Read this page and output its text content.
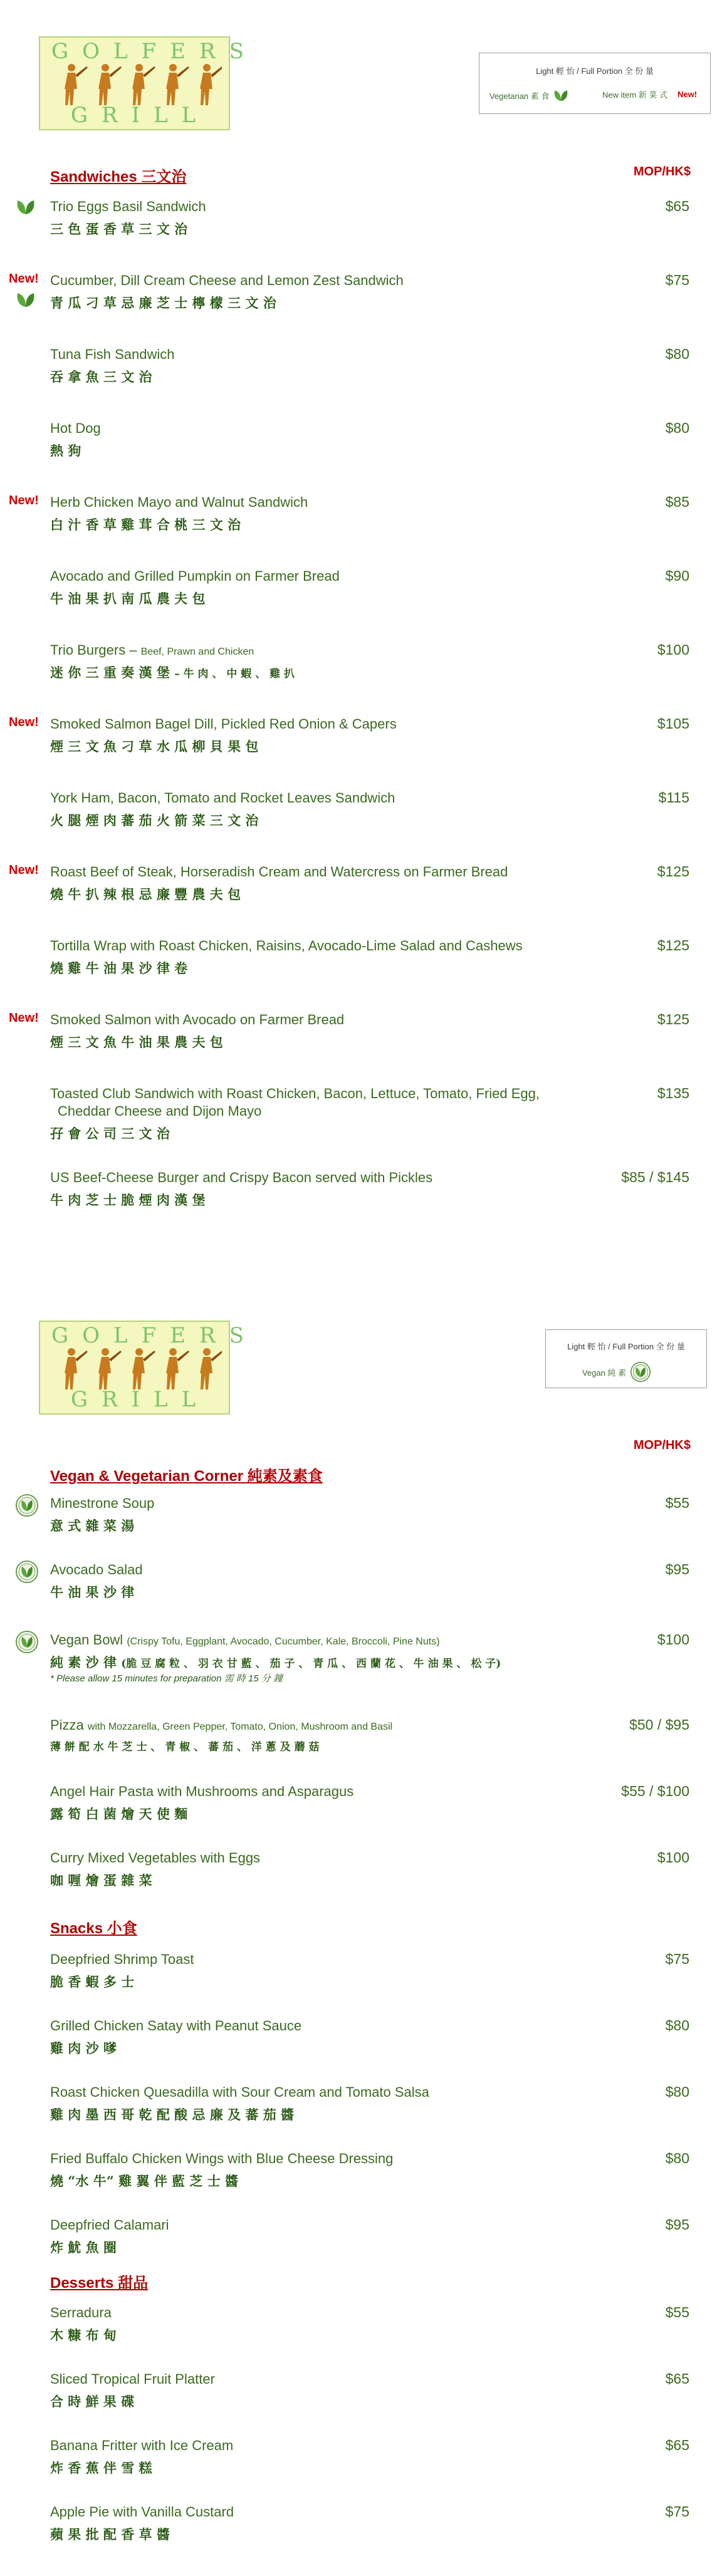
GOLFERS
GRILL
Light 輕 怡 / Full Portion 全 份 量
Vegetarian 素 食	New item 新 菜 式 New!
Sandwiches 三文治	MOP/HK$
Trio Eggs Basil Sandwich
三 色 蛋 香 草 三 文 治
$65
New! Cucumber, Dill Cream Cheese and Lemon Zest Sandwich
青 瓜 刁 草 忌 廉 芝 士 檸 檬 三 文 治
$75
Tuna Fish Sandwich
吞 拿 魚 三 文 治
$80
Hot Dog
熱 狗
$80
New! Herb Chicken Mayo and Walnut Sandwich
白 汁 香 草 雞 茸 合 桃 三 文 治
$85
Avocado and Grilled Pumpkin on Farmer Bread
牛 油 果 扒 南 瓜 農 夫 包
$90
Trio Burgers – Beef, Prawn and Chicken
迷 你 三 重 奏 漢 堡 – 牛 肉 、 中 蝦 、 雞 扒
$100
New! Smoked Salmon Bagel Dill, Pickled Red Onion & Capers
煙 三 文 魚 刁 草 水 瓜 柳 貝 果 包
$105
York Ham, Bacon, Tomato and Rocket Leaves Sandwich
火 腿 煙 肉 蕃 茄 火 箭 菜 三 文 治
$115
New! Roast Beef of Steak, Horseradish Cream and Watercress on Farmer Bread
燒 牛 扒 辣 根 忌 廉 豐 農 夫 包
$125
Tortilla Wrap with Roast Chicken, Raisins, Avocado-Lime Salad and Cashews
燒 雞 牛 油 果 沙 律 卷
$125
New! Smoked Salmon with Avocado on Farmer Bread
煙 三 文 魚 牛 油 果 農 夫 包
$125
Toasted Club Sandwich with Roast Chicken, Bacon, Lettuce, Tomato, Fried Egg,
Cheddar Cheese and Dijon Mayo
孖 會 公 司 三 文 治
$135
US Beef-Cheese Burger and Crispy Bacon served with Pickles
牛 肉 芝 士 脆 煙 肉 漢 堡
$85 / $145
GOLFERS
GRILL
Light 輕 怡 / Full Portion 全 份 量
Vegan 純 素
MOP/HK$
Vegan & Vegetarian Corner 純素及素食
Minestrone Soup
意 式 雜 菜 湯
$55
Avocado Salad
牛 油 果 沙 律
$95
Vegan Bowl (Crispy Tofu, Eggplant, Avocado, Cucumber, Kale, Broccoli, Pine Nuts)
純 素 沙 律 (脆 豆 腐 粒 、 羽 衣 甘 藍 、 茄 子 、 青 瓜 、 西 蘭 花 、 牛 油 果 、 松 子)
* Please allow 15 minutes for preparation 需 時 15 分 鐘
$100
Pizza with Mozzarella, Green Pepper, Tomato, Onion, Mushroom and Basil
薄 餅 配 水 牛 芝 士 、 青 椒 、 蕃 茄 、 洋 蔥 及 蘑 菇
$50 / $95
Angel Hair Pasta with Mushrooms and Asparagus
露 筍 白 菌 燴 天 使 麵
$55 / $100
Curry Mixed Vegetables with Eggs
咖 喱 燴 蛋 雜 菜
$100
Snacks 小食
Deepfried Shrimp Toast
脆 香 蝦 多 士
$75
Grilled Chicken Satay with Peanut Sauce
雞 肉 沙 嗲
$80
Roast Chicken Quesadilla with Sour Cream and Tomato Salsa
雞 肉 墨 西 哥 乾 配 酸 忌 廉 及 蕃 茄 醬
$80
Fried Buffalo Chicken Wings with Blue Cheese Dressing
燒 “水 牛” 雞 翼 伴 藍 芝 士 醬
$80
Deepfried Calamari
炸 魷 魚 圈
$95
Desserts 甜品
Serradura
木 糠 布 甸
$55
Sliced Tropical Fruit Platter
合 時 鮮 果 碟
$65
Banana Fritter with Ice Cream
炸 香 蕉 伴 雪 糕
$65
Apple Pie with Vanilla Custard
蘋 果 批 配 香 草 醬
$75
